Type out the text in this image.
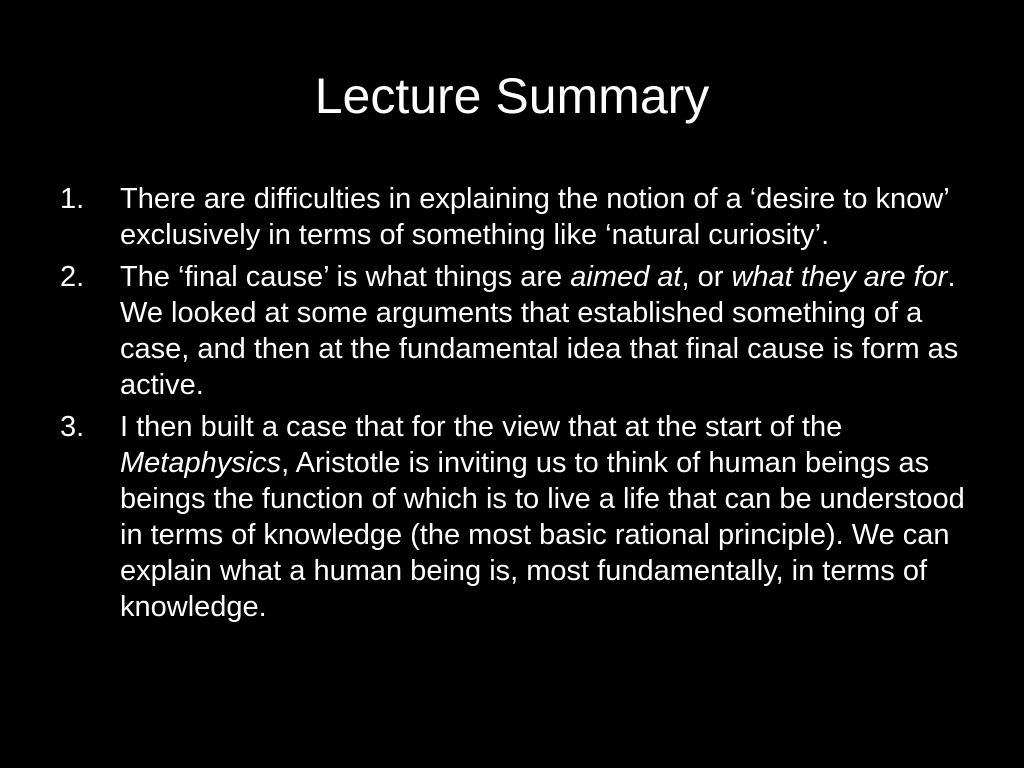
Lecture Summary
1. There are difficulties in explaining the notion of a ‘desire to know’ exclusively in terms of something like ‘natural curiosity’.
2. The ‘final cause’ is what things are aimed at, or what they are for. We looked at some arguments that established something of a case, and then at the fundamental idea that final cause is form as active.
3. I then built a case that for the view that at the start of the Metaphysics, Aristotle is inviting us to think of human beings as beings the function of which is to live a life that can be understood in terms of knowledge (the most basic rational principle). We can explain what a human being is, most fundamentally, in terms of knowledge.
